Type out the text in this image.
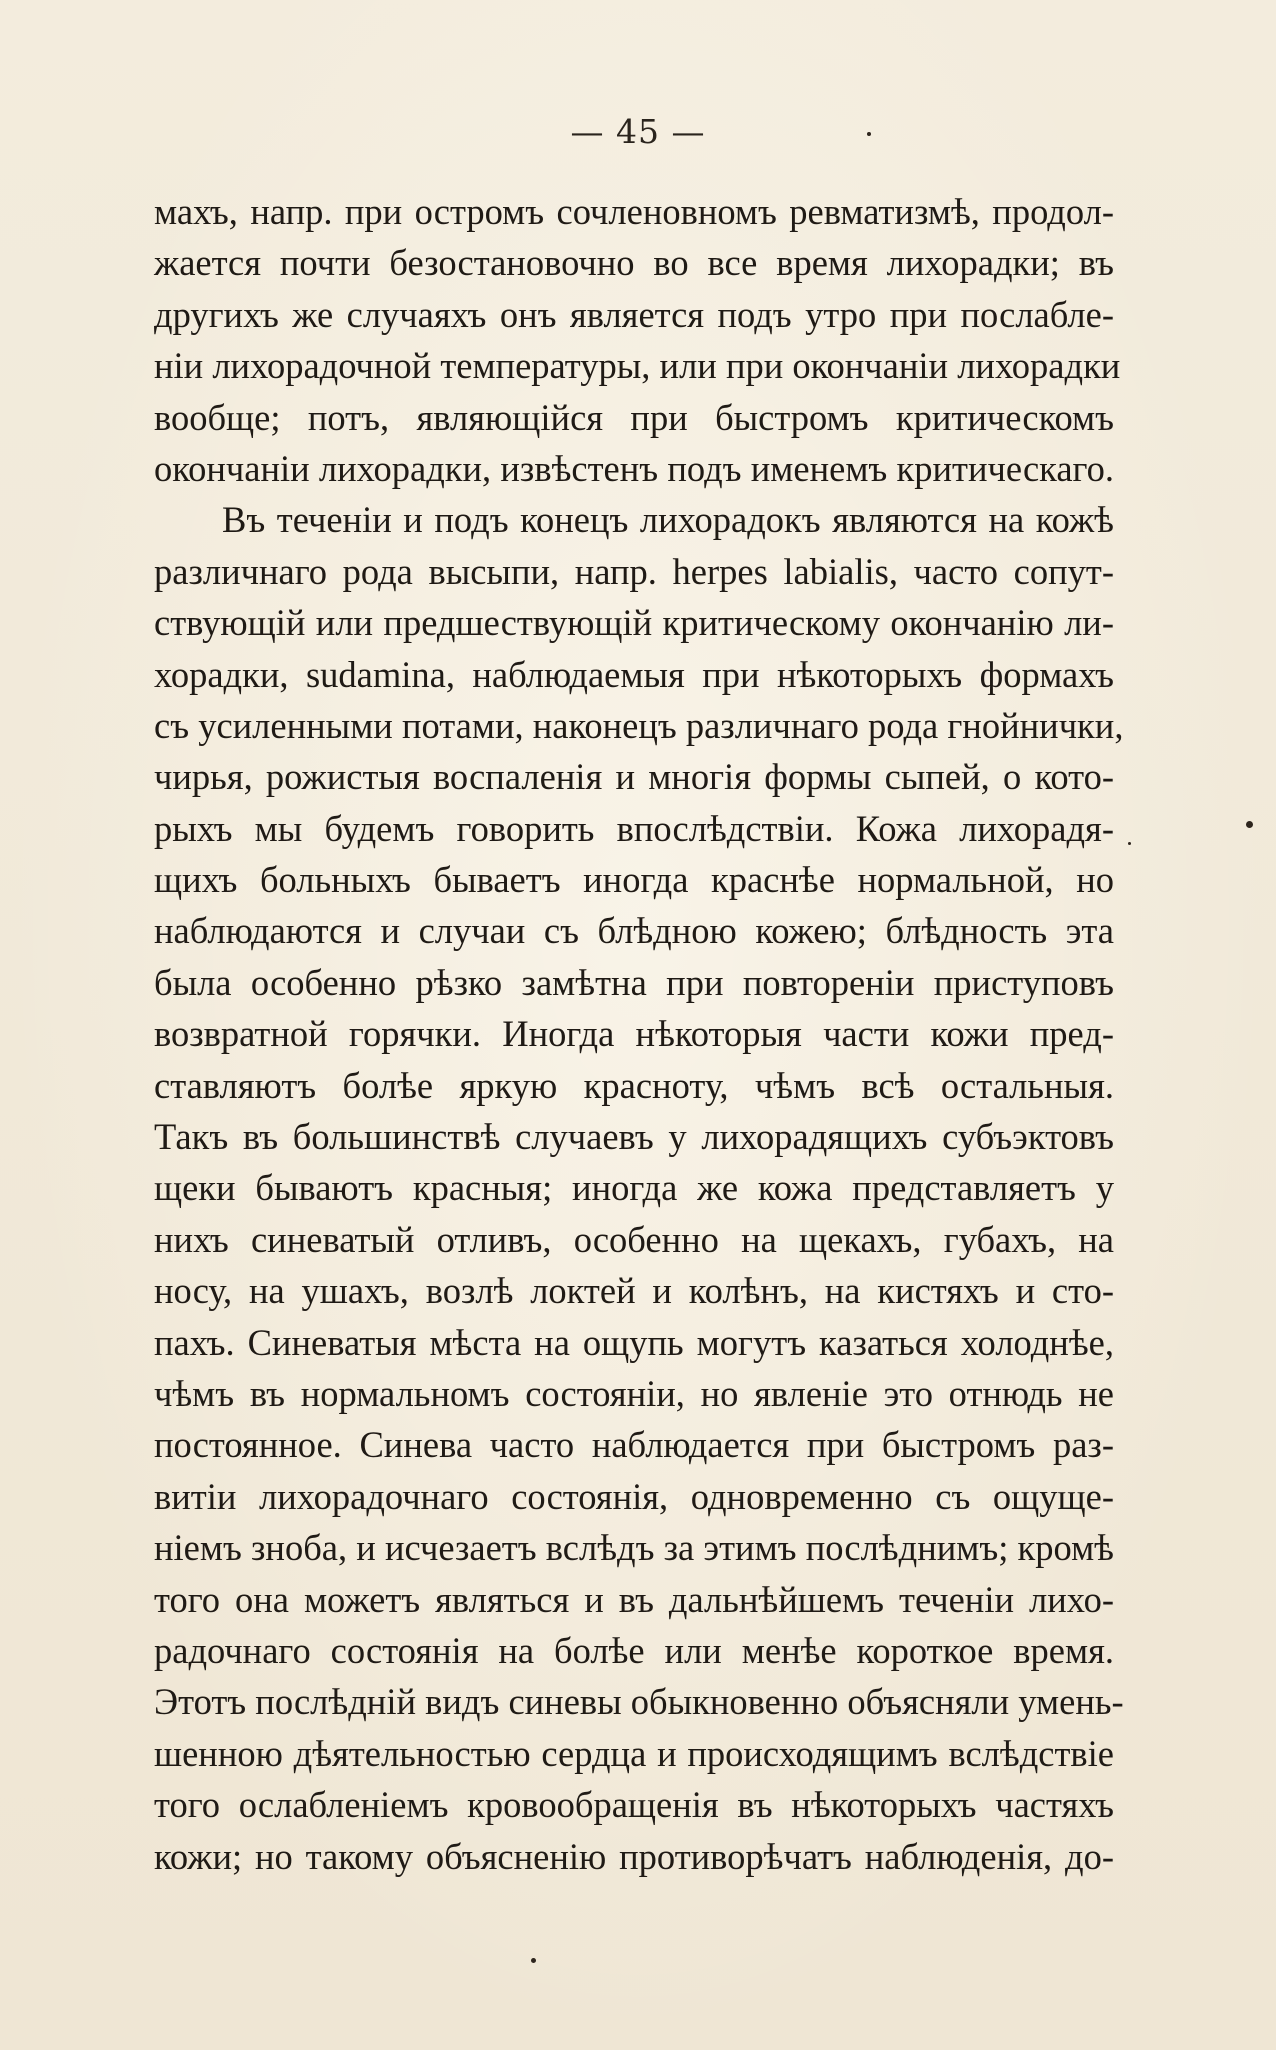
— 45 —
махъ, напр. при остромъ сочленовномъ ревматизмѣ, продол-
жается почти безостановочно во все время лихорадки; въ
другихъ же случаяхъ онъ является подъ утро при послабле-
ніи лихорадочной температуры, или при окончаніи лихорадки
вообще; потъ, являющійся при быстромъ критическомъ
окончаніи лихорадки, извѣстенъ подъ именемъ критическаго.
Въ теченіи и подъ конецъ лихорадокъ являются на кожѣ
различнаго рода высыпи, напр. herpes labialis, часто сопут-
ствующій или предшествующій критическому окончанію ли-
хорадки, sudamina, наблюдаемыя при нѣкоторыхъ формахъ
съ усиленными потами, наконецъ различнаго рода гнойнички,
чирья, рожистыя воспаленія и многія формы сыпей, о кото-
рыхъ мы будемъ говорить впослѣдствіи. Кожа лихорадя-
щихъ больныхъ бываетъ иногда краснѣе нормальной, но
наблюдаются и случаи съ блѣдною кожею; блѣдность эта
была особенно рѣзко замѣтна при повтореніи приступовъ
возвратной горячки. Иногда нѣкоторыя части кожи пред-
ставляютъ болѣе яркую красноту, чѣмъ всѣ остальныя.
Такъ въ большинствѣ случаевъ у лихорадящихъ субъэктовъ
щеки бываютъ красныя; иногда же кожа представляетъ у
нихъ синеватый отливъ, особенно на щекахъ, губахъ, на
носу, на ушахъ, возлѣ локтей и колѣнъ, на кистяхъ и сто-
пахъ. Синеватыя мѣста на ощупь могутъ казаться холоднѣе,
чѣмъ въ нормальномъ состояніи, но явленіе это отнюдь не
постоянное. Синева часто наблюдается при быстромъ раз-
витіи лихорадочнаго состоянія, одновременно съ ощуще-
ніемъ зноба, и исчезаетъ вслѣдъ за этимъ послѣднимъ; кромѣ
того она можетъ являться и въ дальнѣйшемъ теченіи лихо-
радочнаго состоянія на болѣе или менѣе короткое время.
Этотъ послѣдній видъ синевы обыкновенно объясняли умень-
шенною дѣятельностью сердца и происходящимъ вслѣдствіе
того ослабленіемъ кровообращенія въ нѣкоторыхъ частяхъ
кожи; но такому объясненію противорѣчатъ наблюденія, до-
